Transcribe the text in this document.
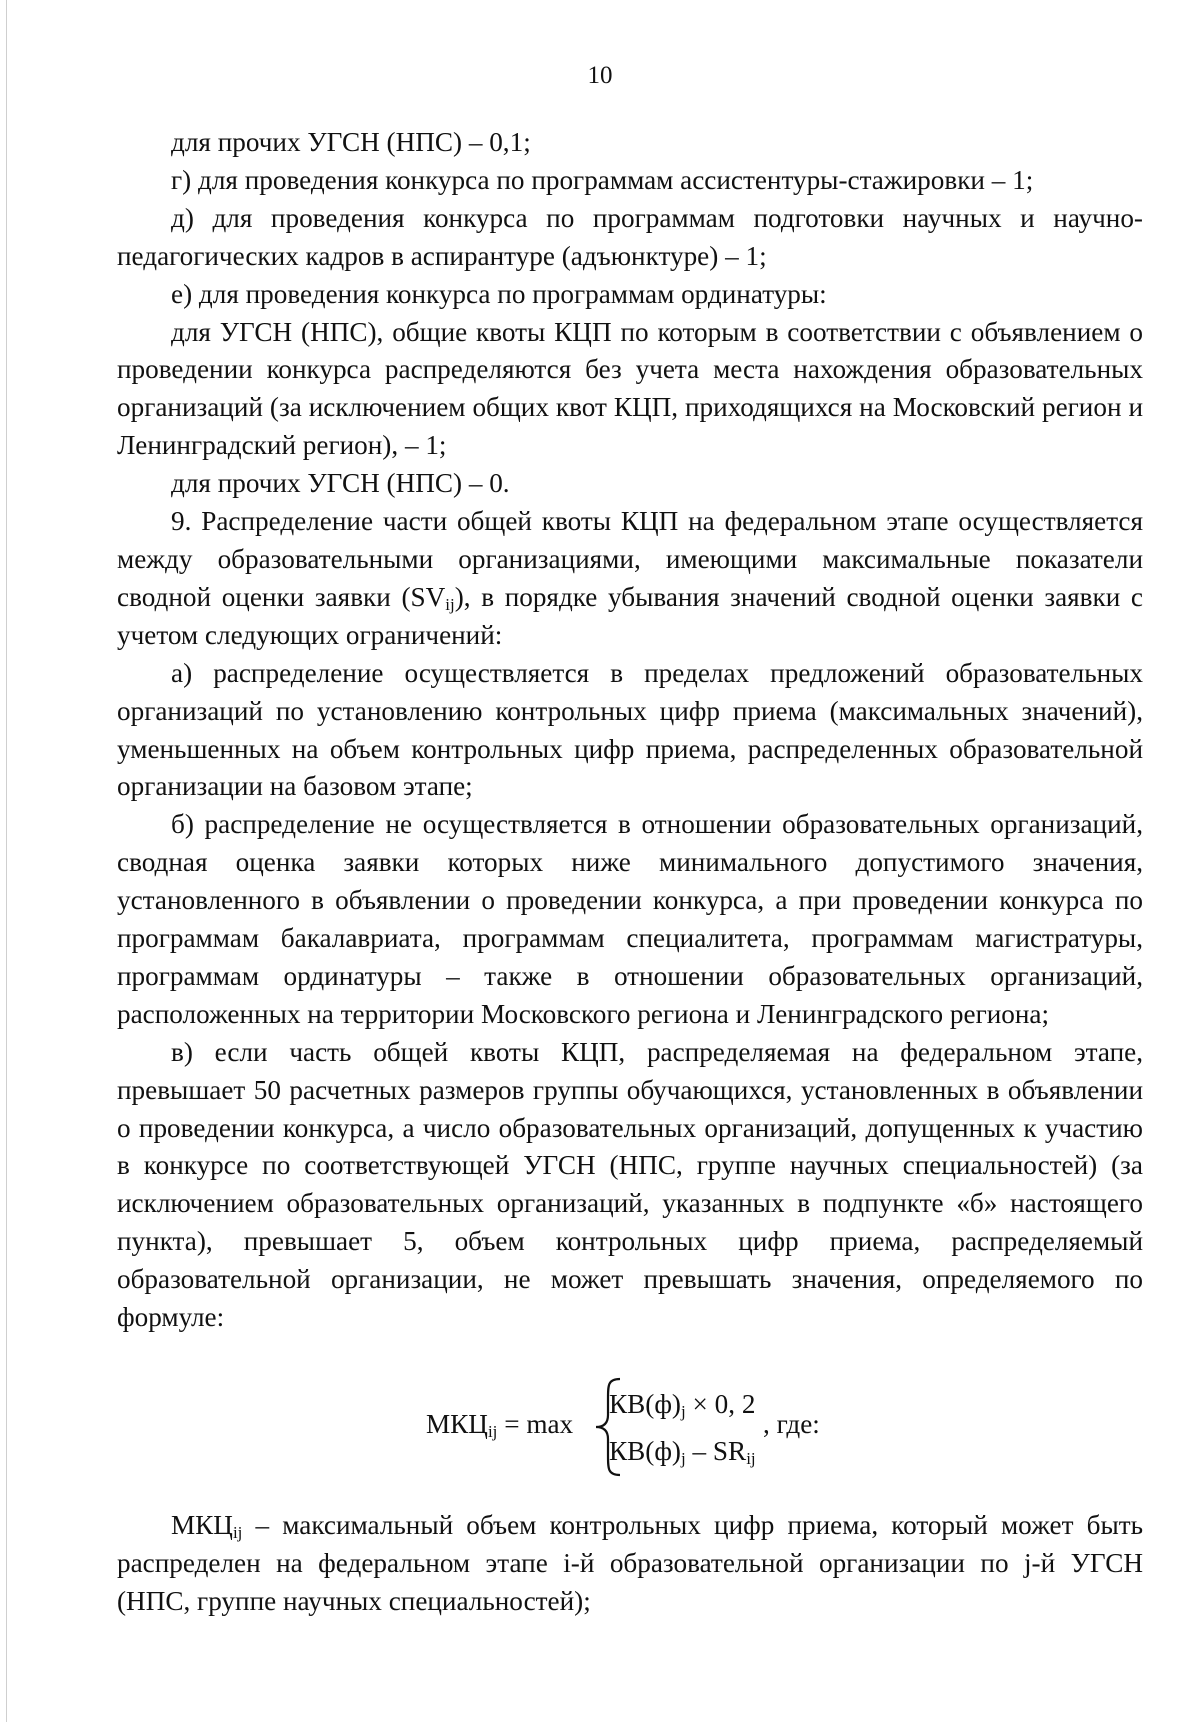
10

для прочих УГСН (НПС) – 0,1;

г) для проведения конкурса по программам ассистентуры-стажировки – 1;

д) для проведения конкурса по программам подготовки научных и научно-педагогических кадров в аспирантуре (адъюнктуре) – 1;

е) для проведения конкурса по программам ординатуры:

для УГСН (НПС), общие квоты КЦП по которым в соответствии с объявлением о проведении конкурса распределяются без учета места нахождения образовательных организаций (за исключением общих квот КЦП, приходящихся на Московский регион и Ленинградский регион), – 1;

для прочих УГСН (НПС) – 0.

9. Распределение части общей квоты КЦП на федеральном этапе осуществляется между образовательными организациями, имеющими максимальные показатели сводной оценки заявки $(SV_{ij})$, в порядке убывания значений сводной оценки заявки с учетом следующих ограничений:

а) распределение осуществляется в пределах предложений образовательных организаций по установлению контрольных цифр приема (максимальных значений), уменьшенных на объем контрольных цифр приема, распределенных образовательной организации на базовом этапе;

б) распределение не осуществляется в отношении образовательных организаций, сводная оценка заявки которых ниже минимального допустимого значения, установленного в объявлении о проведении конкурса, а при проведении конкурса по программам бакалавриата, программам специалитета, программам магистратуры, программам ординатуры – также в отношении образовательных организаций, расположенных на территории Московского региона и Ленинградского региона;

в) если часть общей квоты КЦП, распределяемая на федеральном этапе, превышает 50 расчетных размеров группы обучающихся, установленных в объявлении о проведении конкурса, а число образовательных организаций, допущенных к участию в конкурсе по соответствующей УГСН (НПС, группе научных специальностей) (за исключением образовательных организаций, указанных в подпункте «б» настоящего пункта), превышает 5, объем контрольных цифр приема, распределяемый образовательной организации, не может превышать значения, определяемого по формуле:

$МКЦ_{ij} = \max$
$КВ(ф)_j \times 0$, 2
$КВ(ф)_j - SR_{ij}$
, где:

$МКЦ_{ij}$ – максимальный объем контрольных цифр приема, который может быть распределен на федеральном этапе i-й образовательной организации по j-й УГСН (НПС, группе научных специальностей);
